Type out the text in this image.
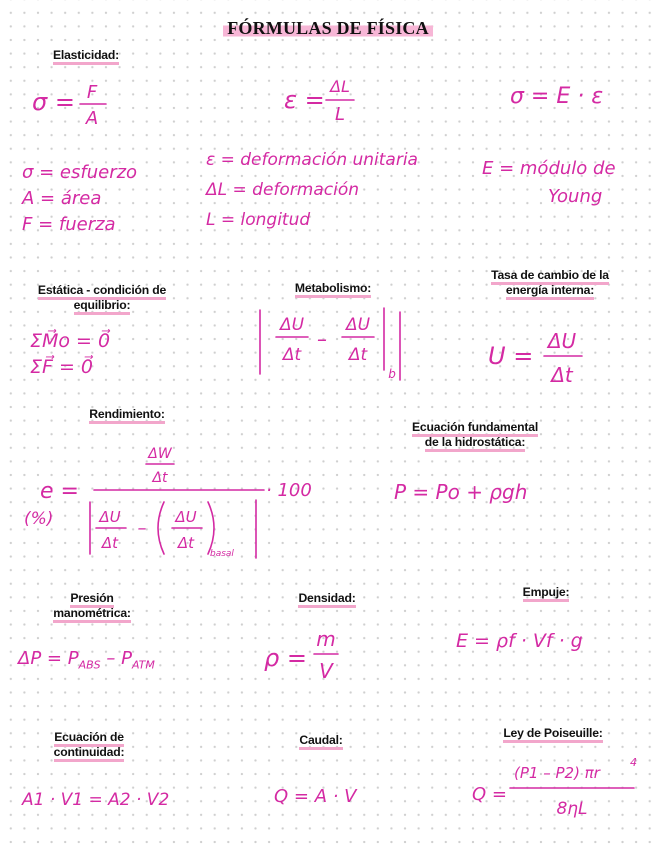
FÓRMULAS DE FÍSICA
Elasticidad:
σ = F
A
ε = ΔL
L
σ = E · ε
σ = esfuerzo
A = área
F = fuerza
ε = deformación unitaria
ΔL = deformación
L = longitud
E = módulo de
Young
Estática - condición de
equilibrio:
ΣM⃗o = 0⃗
ΣF⃗ = 0⃗
Metabolismo:
ΔU
Δt
–
ΔU
Δt
b
Tasa de cambio de la
energía interna:
U =
ΔU
Δt
Rendimiento:
e =
(%)
ΔW
Δt
ΔU
Δt
–
ΔU
Δt
basal
· 100
Ecuación fundamental
de la hidrostática:
P = Po + ρgh
Presión
manométrica:
$\Delta P = P_{ABS} - P_{ATM}$
Densidad:
ρ =
m
V
Empuje:
E = ρf · Vf · g
Ecuación de
continuidad:
A1 · V1 = A2 · V2
Caudal:
Q = A · V
Ley de Poiseuille:
Q =
(P1 – P2) πr
4
8ηL
